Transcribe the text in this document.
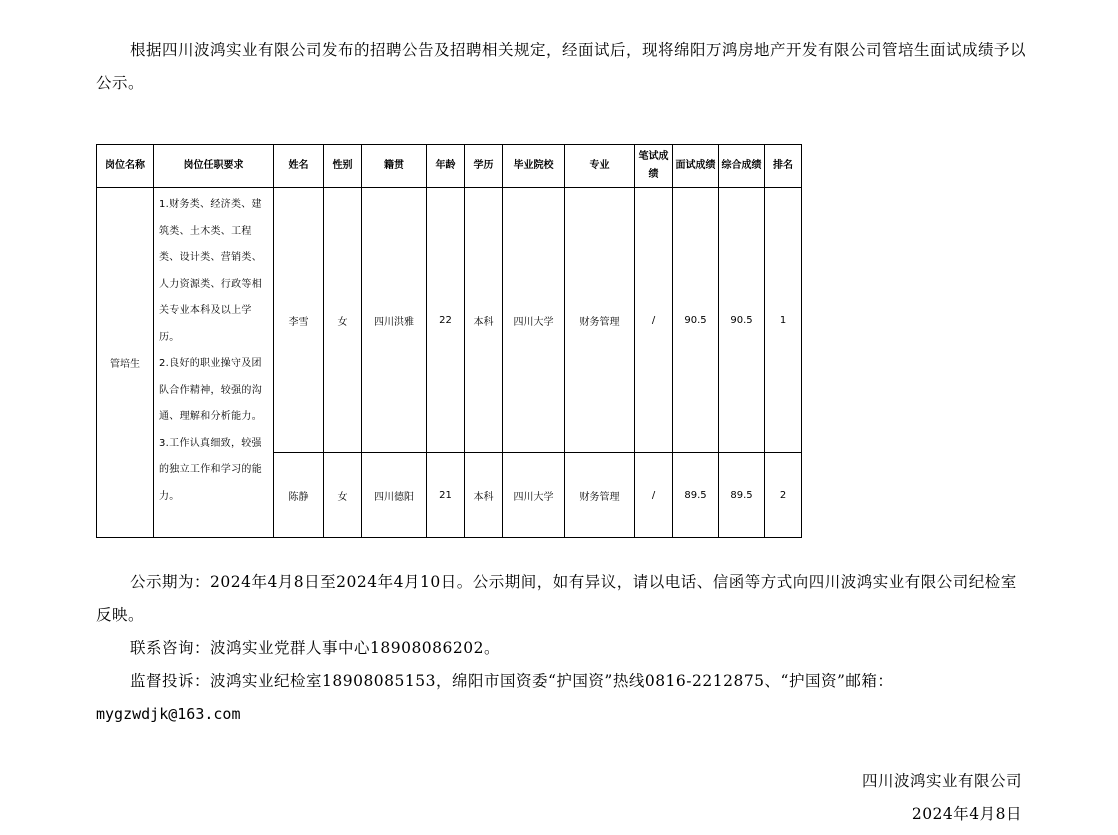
根据四川波鸿实业有限公司发布的招聘公告及招聘相关规定，经面试后，现将绵阳万鸿房地产开发有限公司管培生面试成绩予以公示。

岗位名称	岗位任职要求	姓名	性别	籍贯	年龄	学历	毕业院校	专业	笔试成绩	面试成绩	综合成绩	排名
管培生	1.财务类、经济类、建筑类、土木类、工程类、设计类、营销类、人力资源类、行政等相关专业本科及以上学历。
2.良好的职业操守及团队合作精神，较强的沟通、理解和分析能力。
3.工作认真细致，较强的独立工作和学习的能力。	李雪	女	四川洪雅	22	本科	四川大学	财务管理	/	90.5	90.5	1
		陈静	女	四川德阳	21	本科	四川大学	财务管理	/	89.5	89.5	2

公示期为：2024年4月8日至2024年4月10日。公示期间，如有异议，请以电话、信函等方式向四川波鸿实业有限公司纪检室反映。

联系咨询：波鸿实业党群人事中心18908086202。

监督投诉：波鸿实业纪检室18908085153，绵阳市国资委“护国资”热线0816-2212875、“护国资”邮箱：

mygzwdjk@163.com
四川波鸿实业有限公司
2024年4月8日
